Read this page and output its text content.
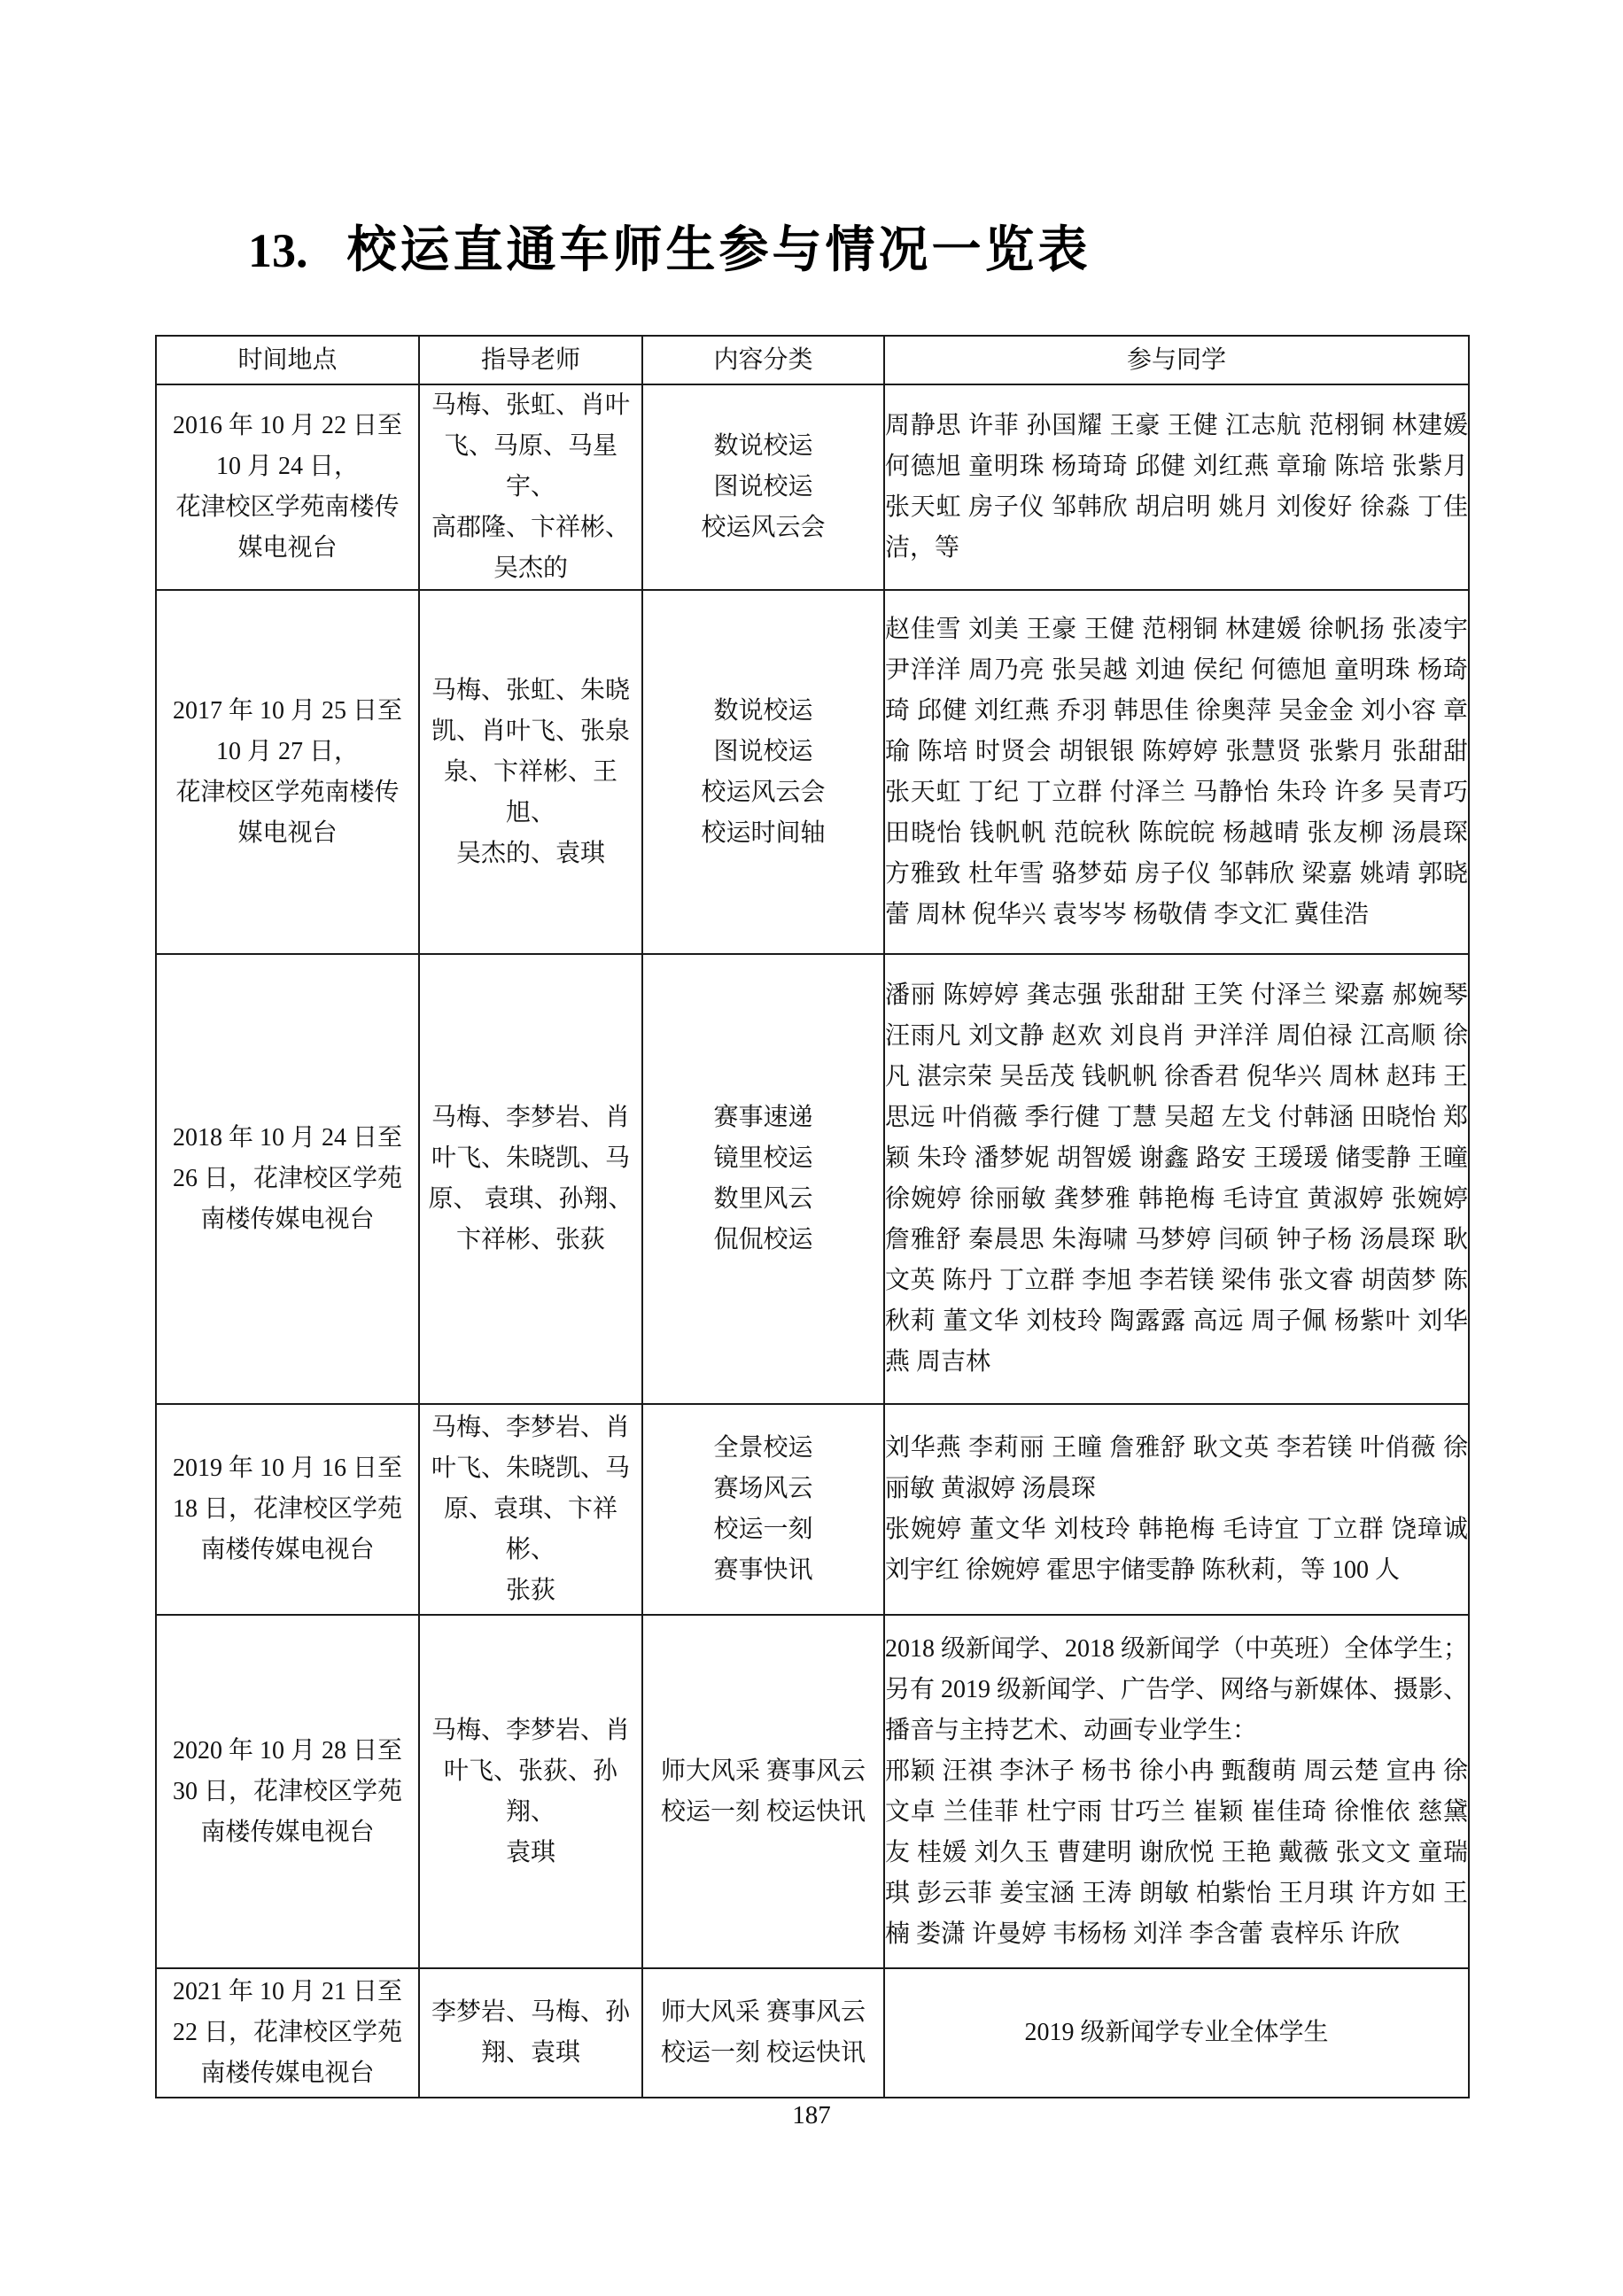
13. 校运直通车师生参与情况一览表
时间地点	指导老师	内容分类	参与同学
2016 年 10 月 22 日至
10 月 24 日，
花津校区学苑南楼传
媒电视台	马梅、张虹、肖叶
飞、马原、马星宇、
高郡隆、卞祥彬、
吴杰的	数说校运
图说校运
校运风云会	周静思 许菲 孙国耀 王豪 王健 江志航 范栩铜 林建媛 何德旭 童明珠 杨琦琦 邱健 刘红燕 章瑜 陈培 张紫月 张天虹 房子仪 邹韩欣 胡启明 姚月 刘俊好 徐淼 丁佳洁，等
2017 年 10 月 25 日至
10 月 27 日，
花津校区学苑南楼传
媒电视台	马梅、张虹、朱晓
凯、肖叶飞、张泉
泉、卞祥彬、王旭、
吴杰的、袁琪	数说校运
图说校运
校运风云会
校运时间轴	赵佳雪 刘美 王豪 王健 范栩铜 林建媛 徐帆扬 张凌宇 尹洋洋 周乃亮 张吴越 刘迪 侯纪 何德旭 童明珠 杨琦琦 邱健 刘红燕 乔羽 韩思佳 徐奥萍 吴金金 刘小容 章瑜 陈培 时贤会 胡银银 陈婷婷 张慧贤 张紫月 张甜甜 张天虹 丁纪 丁立群 付泽兰 马静怡 朱玲 许多 吴青巧 田晓怡 钱帆帆 范皖秋 陈皖皖 杨越晴 张友柳 汤晨琛 方雅致 杜年雪 骆梦茹 房子仪 邹韩欣 梁嘉 姚靖 郭晓蕾 周林 倪华兴 袁岑岑 杨敬倩 李文汇 冀佳浩
2018 年 10 月 24 日至
26 日，花津校区学苑
南楼传媒电视台	马梅、李梦岩、肖
叶飞、朱晓凯、马
原、 袁琪、孙翔、
卞祥彬、张荻	赛事速递
镜里校运
数里风云
侃侃校运	潘丽 陈婷婷 龚志强 张甜甜 王笑 付泽兰 梁嘉 郝婉琴 汪雨凡 刘文静 赵欢 刘良肖 尹洋洋 周伯禄 江高顺 徐凡 湛宗荣 吴岳茂 钱帆帆 徐香君 倪华兴 周林 赵玮 王思远 叶俏薇 季行健 丁慧 吴超 左戈 付韩涵 田晓怡 郑颖 朱玲 潘梦妮 胡智媛 谢鑫 路安 王瑗瑗 储雯静 王曈 徐婉婷 徐丽敏 龚梦雅 韩艳梅 毛诗宜 黄淑婷 张婉婷 詹雅舒 秦晨思 朱海啸 马梦婷 闫硕 钟子杨 汤晨琛 耿文英 陈丹 丁立群 李旭 李若镁 梁伟 张文睿 胡茵梦 陈秋莉 董文华 刘枝玲 陶露露 高远 周子佩 杨紫叶 刘华燕 周吉林
2019 年 10 月 16 日至
18 日，花津校区学苑
南楼传媒电视台	马梅、李梦岩、肖
叶飞、朱晓凯、马
原、袁琪、卞祥彬、
张荻	全景校运
赛场风云
校运一刻
赛事快讯	刘华燕 李莉丽 王曈 詹雅舒 耿文英 李若镁 叶俏薇 徐丽敏 黄淑婷 汤晨琛
张婉婷 董文华 刘枝玲 韩艳梅 毛诗宜 丁立群 饶璋诚 刘宇红 徐婉婷 霍思宇储雯静 陈秋莉，等 100 人
2020 年 10 月 28 日至
30 日，花津校区学苑
南楼传媒电视台	马梅、李梦岩、肖
叶飞、张荻、孙翔、
袁琪	师大风采 赛事风云
校运一刻 校运快讯	2018 级新闻学、2018 级新闻学（中英班）全体学生；
另有 2019 级新闻学、广告学、网络与新媒体、摄影、播音与主持艺术、动画专业学生：
邢颖 汪祺 李沐子 杨书 徐小冉 甄馥萌 周云楚 宣冉 徐文卓 兰佳菲 杜宁雨 甘巧兰 崔颖 崔佳琦 徐惟依 慈黛友 桂媛 刘久玉 曹建明 谢欣悦 王艳 戴薇 张文文 童瑞琪 彭云菲 姜宝涵 王涛 朗敏 柏紫怡 王月琪 许方如 王楠 娄潇 许曼婷 韦杨杨 刘洋 李含蕾 袁梓乐 许欣
2021 年 10 月 21 日至
22 日，花津校区学苑
南楼传媒电视台	李梦岩、马梅、孙
翔、袁琪	师大风采 赛事风云
校运一刻 校运快讯	2019 级新闻学专业全体学生
187
